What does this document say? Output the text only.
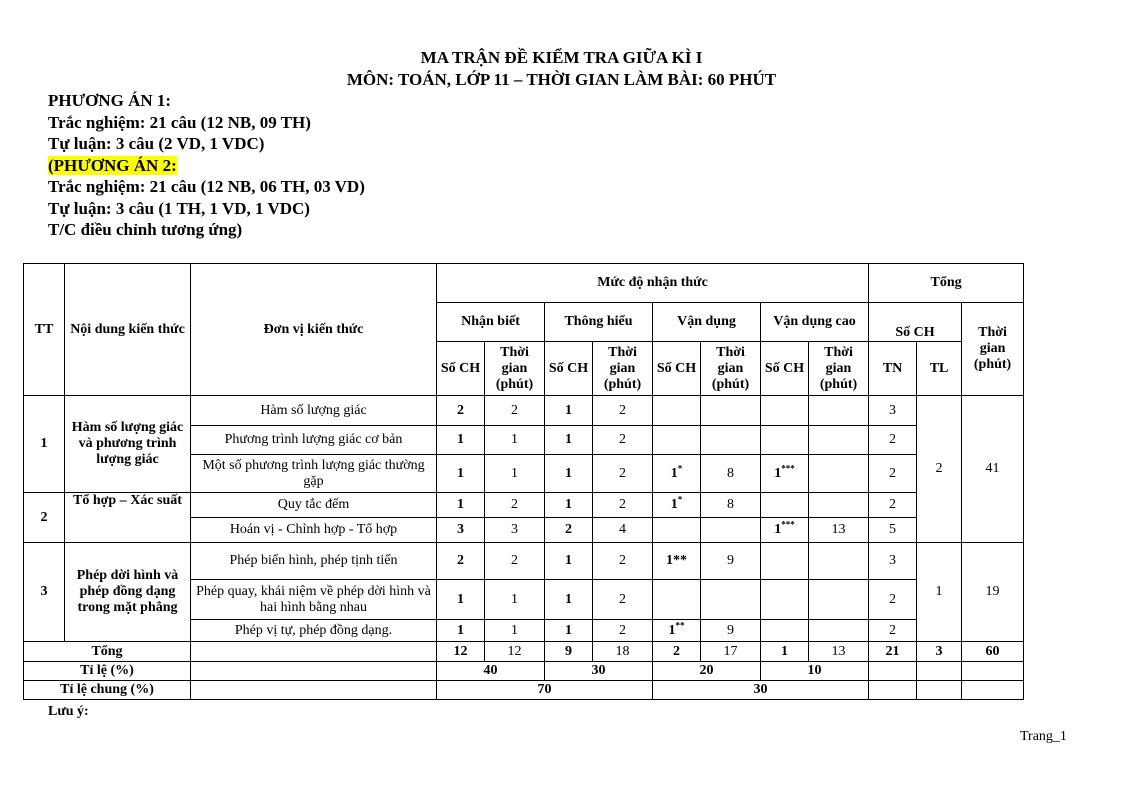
MA TRẬN ĐỀ KIỂM TRA GIỮA KÌ I
MÔN: TOÁN, LỚP 11 – THỜI GIAN LÀM BÀI: 60 PHÚT
PHƯƠNG ÁN 1:
Trắc nghiệm: 21 câu (12 NB, 09 TH)
Tự luận: 3 câu (2 VD, 1 VDC)
(PHƯƠNG ÁN 2:
Trắc nghiệm: 21 câu (12 NB, 06 TH, 03 VD)
Tự luận: 3 câu (1 TH, 1 VD, 1 VDC)
T/C điều chỉnh tương ứng)
TT	Nội dung kiến thức	Đơn vị kiến thức	Mức độ nhận thức								Tổng		
			Nhận biết		Thông hiểu		Vận dụng		Vận dụng cao		Số CH		Thời gian (phút)
			Số CH	Thời gian (phút)	Số CH	Thời gian (phút)	Số CH	Thời gian (phút)	Số CH	Thời gian (phút)	TN	TL	
1	Hàm số lượng giác và phương trình lượng giác	Hàm số lượng giác	2	2	1	2					3	2	41
		Phương trình lượng giác cơ bản	1	1	1	2					2		
		Một số phương trình lượng giác thường gặp	1	1	1	2	1*	8	1***		2		
2	Tổ hợp – Xác suất	Quy tắc đếm	1	2	1	2	1*	8			2		
		Hoán vị - Chỉnh hợp - Tổ hợp	3	3	2	4			1***	13	5		
3	Phép dời hình và phép đồng dạng trong mặt phẳng	Phép biến hình, phép tịnh tiến	2	2	1	2	1**	9			3	1	19
		Phép quay, khái niệm về phép dời hình và hai hình bằng nhau	1	1	1	2					2		
		Phép vị tự, phép đồng dạng.	1	1	1	2	1**	9			2		
Tổng			12	12	9	18	2	17	1	13	21	3	60
Tỉ lệ (%)			40		30		20		10				
Tỉ lệ chung (%)			70				30						
Lưu ý:
Trang_1
